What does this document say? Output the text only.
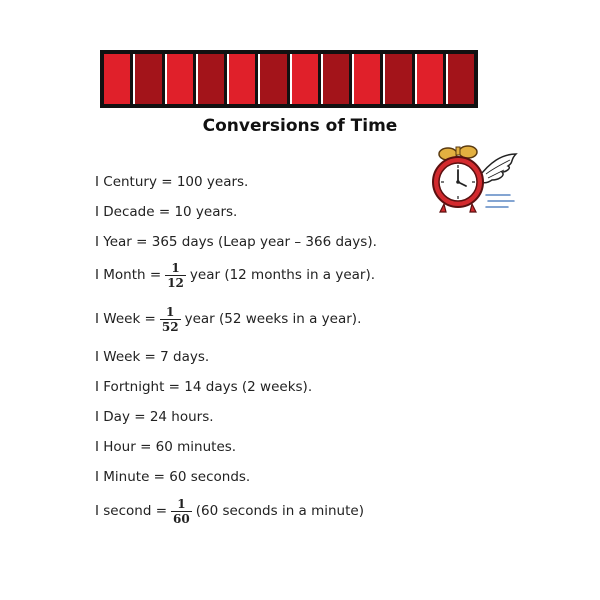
Conversions of Time
I Century = 100 years.
I Decade = 10 years.
I Year = 365 days (Leap year – 366 days).
I Month = $\frac{1}{12}$ year (12 months in a year).
I Week = $\frac{1}{52}$ year (52 weeks in a year).
I Week = 7 days.
I Fortnight = 14 days (2 weeks).
I Day = 24 hours.
I Hour = 60 minutes.
I Minute = 60 seconds.
I second = $\frac{1}{60} (60$ seconds in a minute)
